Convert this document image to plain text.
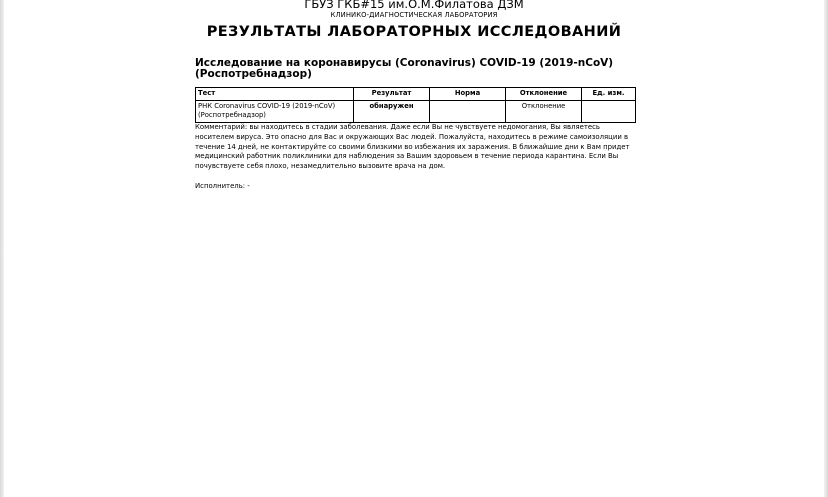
ГБУЗ ГКБ#15 им.О.М.Филатова ДЗМ
КЛИНИКО-ДИАГНОСТИЧЕСКАЯ ЛАБОРАТОРИЯ
РЕЗУЛЬТАТЫ ЛАБОРАТОРНЫХ ИССЛЕДОВАНИЙ
Исследование на коронавирусы (Coronavirus) COVID-19 (2019-nCoV) (Роспотребнадзор)
Тест	Результат	Норма	Отклонение	Ед. изм.
РНК Coronavirus COVID-19 (2019-nCoV) (Роспотребнадзор)	обнаружен		Отклонение	
Комментарий: вы находитесь в стадии заболевания. Даже если Вы не чувствуете недомогания, Вы являетесь носителем вируса. Это опасно для Вас и окружающих Вас людей. Пожалуйста, находитесь в режиме самоизоляции в течение 14 дней, не контактируйте со своими близкими во избежания их заражения. В ближайшие дни к Вам придет медицинский работник поликлиники для наблюдения за Вашим здоровьем в течение периода карантина. Если Вы почувствуете себя плохо, незамедлительно вызовите врача на дом.
Исполнитель: -
